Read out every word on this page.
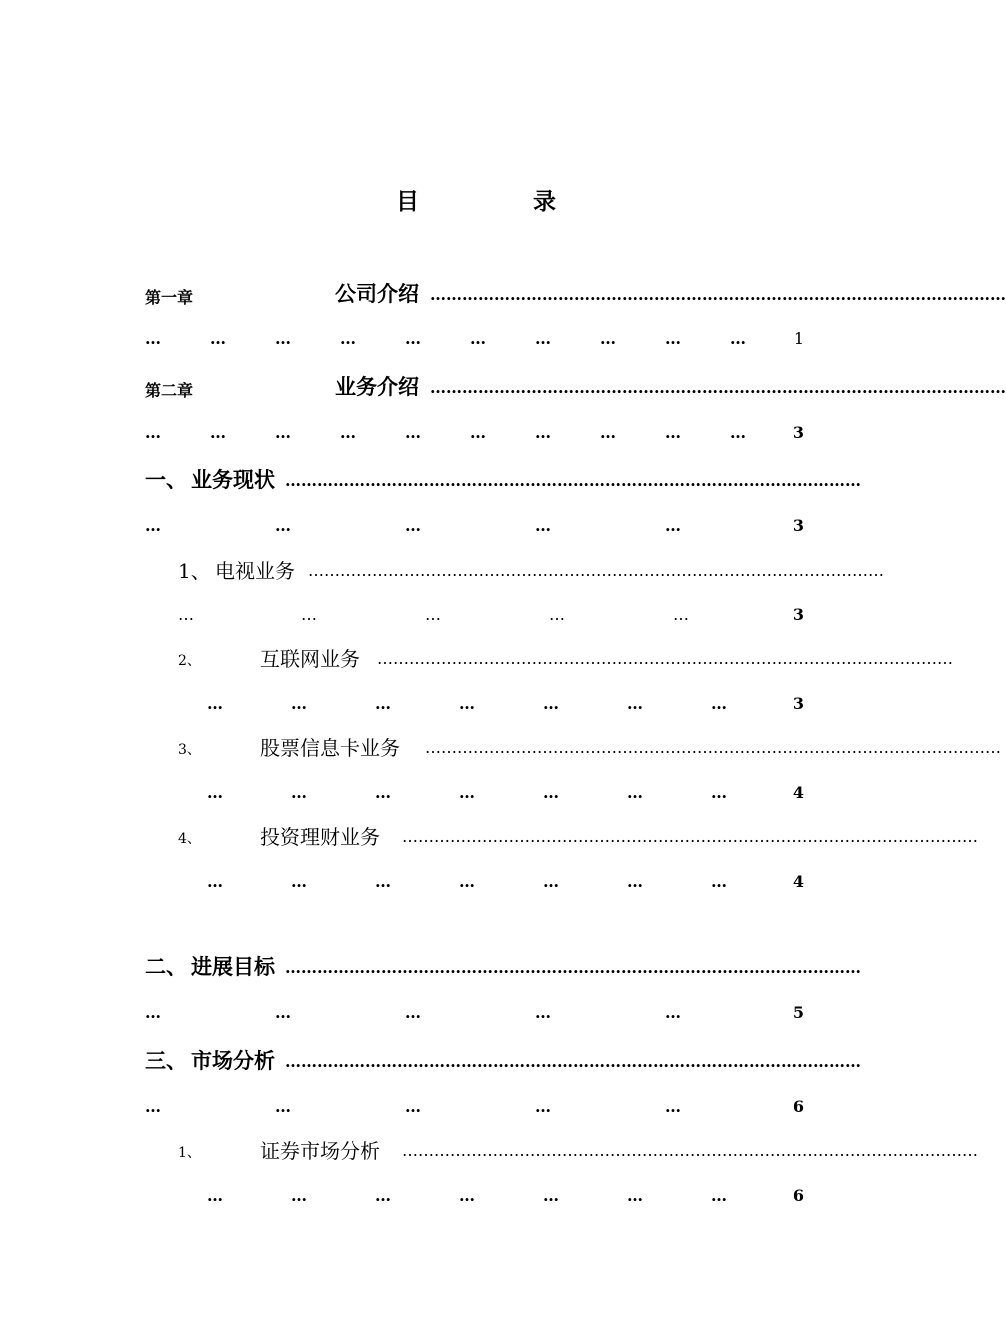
目	录
第一章	公司介绍 ………………………………………………………………………………………………
…	…	…	…	…	…	…	…	…	…	1
第二章	业务介绍 ………………………………………………………………………………………………
…	…	…	…	…	…	…	…	…	…	3
一、 业务现状 ………………………………………………………………………………………………
…	…	…	…	…	3
1、 电视业务 ………………………………………………………………………………………………
…	…	…	…	…	3
2、	互联网业务 ………………………………………………………………………………………………
…	…	…	…	…	…	…	3
3、	股票信息卡业务 ………………………………………………………………………………………………
…	…	…	…	…	…	…	4
4、	投资理财业务 ………………………………………………………………………………………………
…	…	…	…	…	…	…	4
二、 进展目标 ………………………………………………………………………………………………
…	…	…	…	…	5
三、 市场分析 ………………………………………………………………………………………………
…	…	…	…	…	6
1、	证券市场分析 ………………………………………………………………………………………………
…	…	…	…	…	…	…	6
